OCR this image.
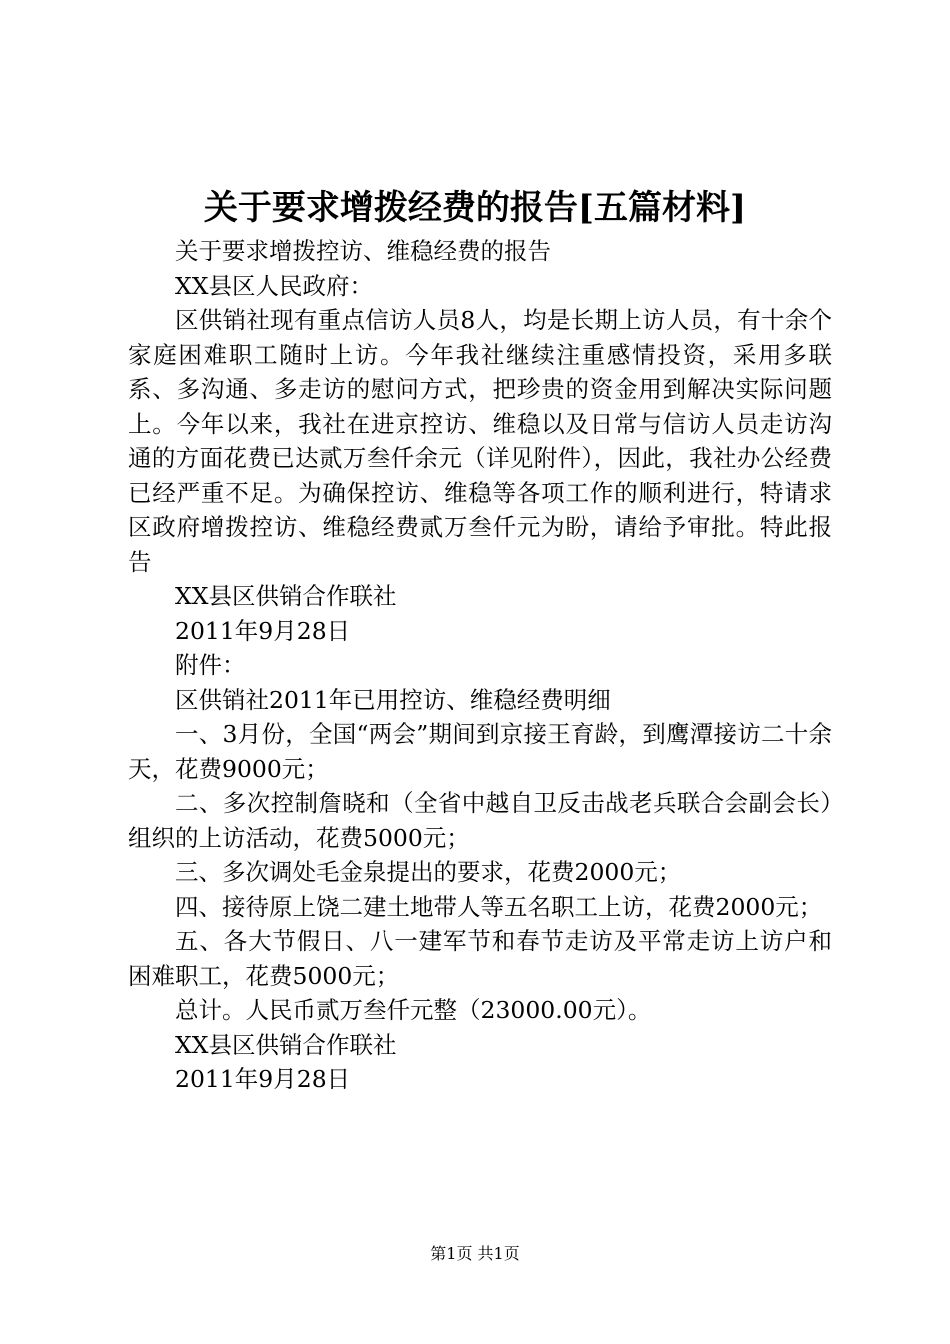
关于要求增拨经费的报告[五篇材料]

关于要求增拨控访、维稳经费的报告

XX县区人民政府：

区供销社现有重点信访人员8人，均是长期上访人员，有十余个家庭困难职工随时上访。今年我社继续注重感情投资，采用多联系、多沟通、多走访的慰问方式，把珍贵的资金用到解决实际问题上。今年以来，我社在进京控访、维稳以及日常与信访人员走访沟通的方面花费已达贰万叁仟余元（详见附件），因此，我社办公经费已经严重不足。为确保控访、维稳等各项工作的顺利进行，特请求区政府增拨控访、维稳经费贰万叁仟元为盼，请给予审批。特此报告

XX县区供销合作联社

2011年9月28日

附件：

区供销社2011年已用控访、维稳经费明细

一、3月份，全国“两会”期间到京接王育龄，到鹰潭接访二十余天，花费9000元；

二、多次控制詹晓和（全省中越自卫反击战老兵联合会副会长）组织的上访活动，花费5000元；

三、多次调处毛金泉提出的要求，花费2000元；

四、接待原上饶二建土地带人等五名职工上访，花费2000元；

五、各大节假日、八一建军节和春节走访及平常走访上访户和困难职工，花费5000元；

总计。人民币贰万叁仟元整（23000.00元）。

XX县区供销合作联社

2011年9月28日

第1页 共1页
